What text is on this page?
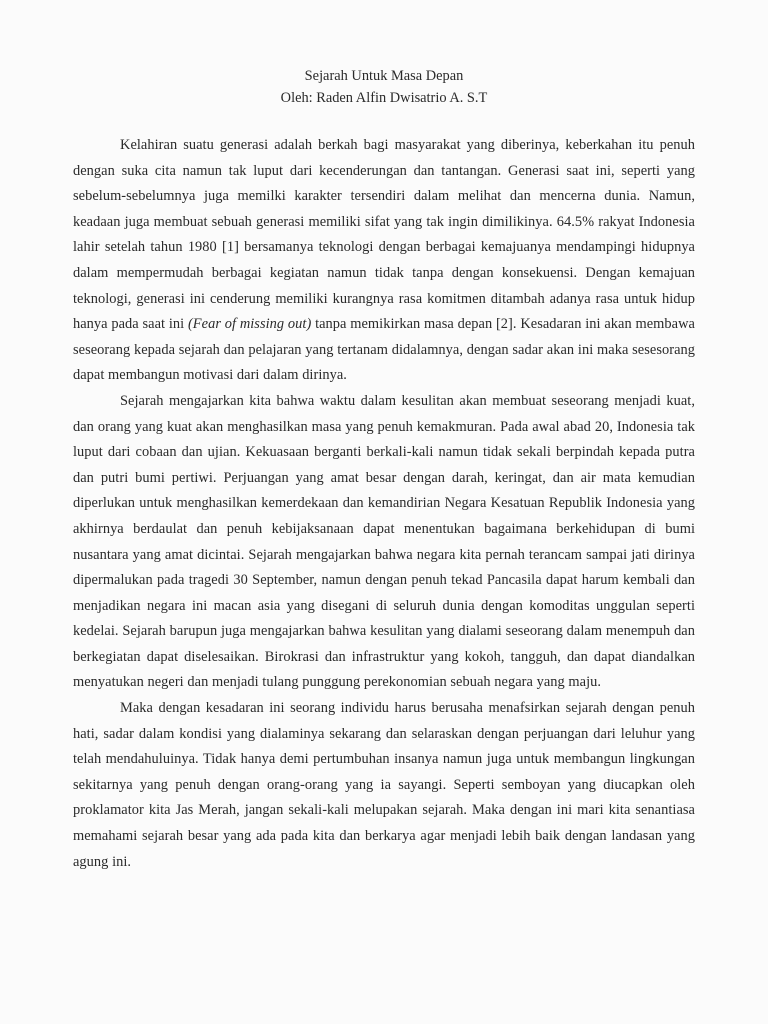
Sejarah Untuk Masa Depan

Oleh: Raden Alfin Dwisatrio A. S.T

Kelahiran suatu generasi adalah berkah bagi masyarakat yang diberinya, keberkahan itu penuh dengan suka cita namun tak luput dari kecenderungan dan tantangan. Generasi saat ini, seperti yang sebelum-sebelumnya juga memilki karakter tersendiri dalam melihat dan mencerna dunia. Namun, keadaan juga membuat sebuah generasi memiliki sifat yang tak ingin dimilikinya. 64.5% rakyat Indonesia lahir setelah tahun 1980 [1] bersamanya teknologi dengan berbagai kemajuanya mendampingi hidupnya dalam mempermudah berbagai kegiatan namun tidak tanpa dengan konsekuensi. Dengan kemajuan teknologi, generasi ini cenderung memiliki kurangnya rasa komitmen ditambah adanya rasa untuk hidup hanya pada saat ini (Fear of missing out) tanpa memikirkan masa depan [2]. Kesadaran ini akan membawa seseorang kepada sejarah dan pelajaran yang tertanam didalamnya, dengan sadar akan ini maka sesesorang dapat membangun motivasi dari dalam dirinya.

Sejarah mengajarkan kita bahwa waktu dalam kesulitan akan membuat seseorang menjadi kuat, dan orang yang kuat akan menghasilkan masa yang penuh kemakmuran. Pada awal abad 20, Indonesia tak luput dari cobaan dan ujian. Kekuasaan berganti berkali-kali namun tidak sekali berpindah kepada putra dan putri bumi pertiwi. Perjuangan yang amat besar dengan darah, keringat, dan air mata kemudian diperlukan untuk menghasilkan kemerdekaan dan kemandirian Negara Kesatuan Republik Indonesia yang akhirnya berdaulat dan penuh kebijaksanaan dapat menentukan bagaimana berkehidupan di bumi nusantara yang amat dicintai. Sejarah mengajarkan bahwa negara kita pernah terancam sampai jati dirinya dipermalukan pada tragedi 30 September, namun dengan penuh tekad Pancasila dapat harum kembali dan menjadikan negara ini macan asia yang disegani di seluruh dunia dengan komoditas unggulan seperti kedelai. Sejarah barupun juga mengajarkan bahwa kesulitan yang dialami seseorang dalam menempuh dan berkegiatan dapat diselesaikan. Birokrasi dan infrastruktur yang kokoh, tangguh, dan dapat diandalkan menyatukan negeri dan menjadi tulang punggung perekonomian sebuah negara yang maju.

Maka dengan kesadaran ini seorang individu harus berusaha menafsirkan sejarah dengan penuh hati, sadar dalam kondisi yang dialaminya sekarang dan selaraskan dengan perjuangan dari leluhur yang telah mendahuluinya. Tidak hanya demi pertumbuhan insanya namun juga untuk membangun lingkungan sekitarnya yang penuh dengan orang-orang yang ia sayangi. Seperti semboyan yang diucapkan oleh proklamator kita Jas Merah, jangan sekali-kali melupakan sejarah. Maka dengan ini mari kita senantiasa memahami sejarah besar yang ada pada kita dan berkarya agar menjadi lebih baik dengan landasan yang agung ini.
